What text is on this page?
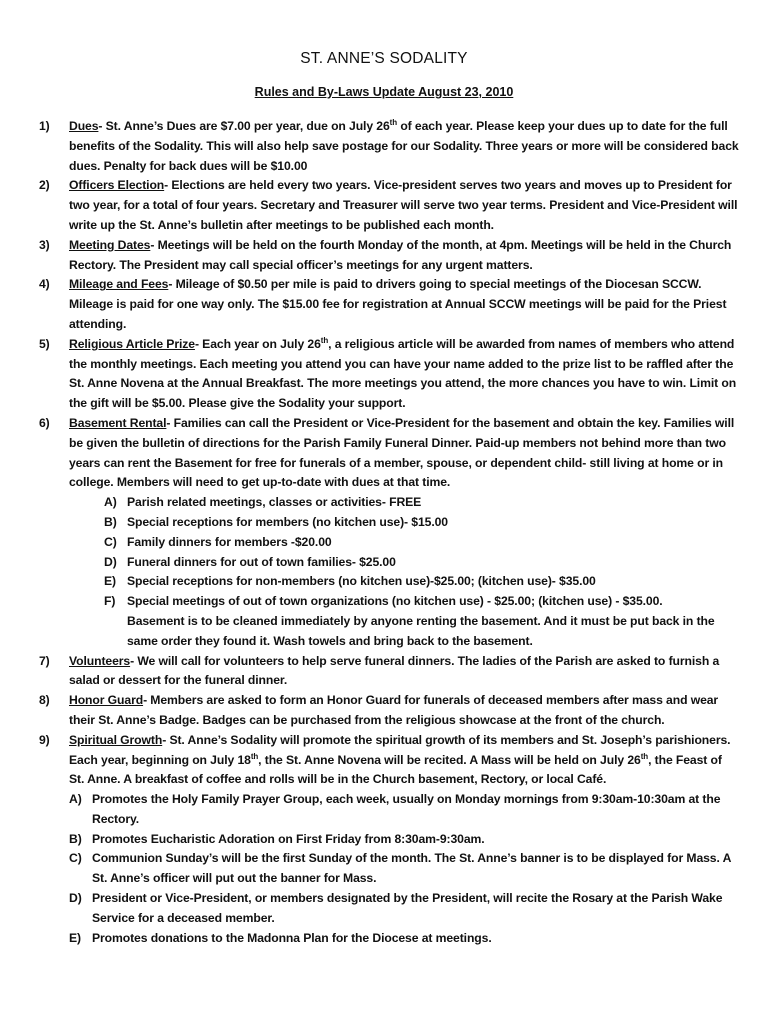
ST. ANNE’S SODALITY
Rules and By-Laws Update August 23, 2010
1)	Dues- St. Anne’s Dues are $7.00 per year, due on July 26th of each year. Please keep your dues up to date for the full benefits of the Sodality. This will also help save postage for our Sodality. Three years or more will be considered back dues. Penalty for back dues will be $10.00
2)	Officers Election- Elections are held every two years. Vice-president serves two years and moves up to President for two year, for a total of four years. Secretary and Treasurer will serve two year terms. President and Vice-President will write up the St. Anne’s bulletin after meetings to be published each month.
3)	Meeting Dates- Meetings will be held on the fourth Monday of the month, at 4pm. Meetings will be held in the Church Rectory. The President may call special officer’s meetings for any urgent matters.
4)	Mileage and Fees- Mileage of $0.50 per mile is paid to drivers going to special meetings of the Diocesan SCCW. Mileage is paid for one way only. The $15.00 fee for registration at Annual SCCW meetings will be paid for the Priest attending.
5)	Religious Article Prize- Each year on July 26th, a religious article will be awarded from names of members who attend the monthly meetings. Each meeting you attend you can have your name added to the prize list to be raffled after the St. Anne Novena at the Annual Breakfast. The more meetings you attend, the more chances you have to win. Limit on the gift will be $5.00. Please give the Sodality your support.
6)	Basement Rental- Families can call the President or Vice-President for the basement and obtain the key. Families will be given the bulletin of directions for the Parish Family Funeral Dinner. Paid-up members not behind more than two years can rent the Basement for free for funerals of a member, spouse, or dependent child- still living at home or in college. Members will need to get up-to-date with dues at that time.
A) Parish related meetings, classes or activities- FREE
B) Special receptions for members (no kitchen use)- $15.00
C) Family dinners for members -$20.00
D) Funeral dinners for out of town families- $25.00
E) Special receptions for non-members (no kitchen use)-$25.00; (kitchen use)- $35.00
F) Special meetings of out of town organizations (no kitchen use) - $25.00; (kitchen use) - $35.00.
Basement is to be cleaned immediately by anyone renting the basement. And it must be put back in the same order they found it. Wash towels and bring back to the basement.
7)	Volunteers- We will call for volunteers to help serve funeral dinners. The ladies of the Parish are asked to furnish a salad or dessert for the funeral dinner.
8)	Honor Guard- Members are asked to form an Honor Guard for funerals of deceased members after mass and wear their St. Anne’s Badge. Badges can be purchased from the religious showcase at the front of the church.
9)	Spiritual Growth- St. Anne’s Sodality will promote the spiritual growth of its members and St. Joseph’s parishioners. Each year, beginning on July 18th, the St. Anne Novena will be recited. A Mass will be held on July 26th, the Feast of St. Anne. A breakfast of coffee and rolls will be in the Church basement, Rectory, or local Café.
A) Promotes the Holy Family Prayer Group, each week, usually on Monday mornings from 9:30am-10:30am at the Rectory.
B) Promotes Eucharistic Adoration on First Friday from 8:30am-9:30am.
C) Communion Sunday’s will be the first Sunday of the month. The St. Anne’s banner is to be displayed for Mass. A St. Anne’s officer will put out the banner for Mass.
D) President or Vice-President, or members designated by the President, will recite the Rosary at the Parish Wake Service for a deceased member.
E) Promotes donations to the Madonna Plan for the Diocese at meetings.
